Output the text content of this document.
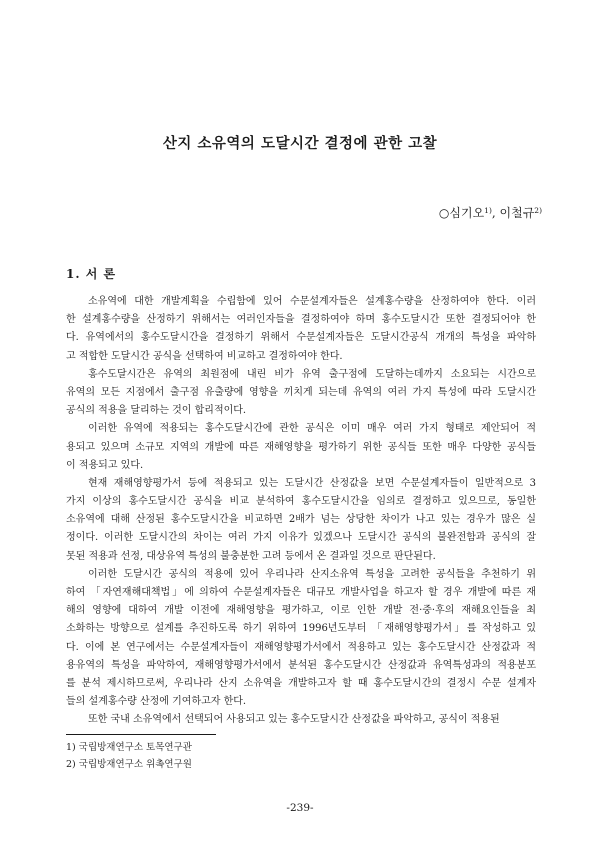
산지 소유역의 도달시간 결정에 관한 고찰
○심기오$^{1)}$, 이철규$^{2)}$
1. 서 론
소유역에 대한 개발계획을 수립함에 있어 수문설계자들은 설계홍수량을 산정하여야 한다. 이러
한 설계홍수량을 산정하기 위해서는 여러인자들을 결정하여야 하며 홍수도달시간 또한 결정되어야 한
다. 유역에서의 홍수도달시간을 결정하기 위해서 수문설계자들은 도달시간공식 개개의 특성을 파악하
고 적합한 도달시간 공식을 선택하여 비교하고 결정하여야 한다.
홍수도달시간은 유역의 최원점에 내린 비가 유역 출구점에 도달하는데까지 소요되는 시간으로
유역의 모든 지점에서 출구점 유출량에 영향을 끼치게 되는데 유역의 여러 가지 특성에 따라 도달시간
공식의 적용을 달리하는 것이 합리적이다.
이러한 유역에 적용되는 홍수도달시간에 관한 공식은 이미 매우 여러 가지 형태로 제안되어 적
용되고 있으며 소규모 지역의 개발에 따른 재해영향을 평가하기 위한 공식들 또한 매우 다양한 공식들
이 적용되고 있다.
현재 재해영향평가서 등에 적용되고 있는 도달시간 산정값을 보면 수문설계자들이 일반적으로 3
가지 이상의 홍수도달시간 공식을 비교 분석하여 홍수도달시간을 임의로 결정하고 있으므로, 동일한
소유역에 대해 산정된 홍수도달시간을 비교하면 2배가 넘는 상당한 차이가 나고 있는 경우가 많은 실
정이다. 이러한 도달시간의 차이는 여러 가지 이유가 있겠으나 도달시간 공식의 불완전함과 공식의 잘
못된 적용과 선정, 대상유역 특성의 불충분한 고려 등에서 온 결과일 것으로 판단된다.
이러한 도달시간 공식의 적용에 있어 우리나라 산지소유역 특성을 고려한 공식들을 추천하기 위
하여 「자연재해대책법」에 의하여 수문설계자들은 대규모 개발사업을 하고자 할 경우 개발에 따른 재
해의 영향에 대하여 개발 이전에 재해영향을 평가하고, 이로 인한 개발 전·중·후의 재해요인들을 최
소화하는 방향으로 설계를 추진하도록 하기 위하여 1996년도부터 「재해영향평가서」를 작성하고 있
다. 이에 본 연구에서는 수문설계자들이 재해영향평가서에서 적용하고 있는 홍수도달시간 산정값과 적
용유역의 특성을 파악하여, 재해영향평가서에서 분석된 홍수도달시간 산정값과 유역특성과의 적용분포
를 분석 제시하므로써, 우리나라 산지 소유역을 개발하고자 할 때 홍수도달시간의 결정시 수문 설계자
들의 설계홍수량 산정에 기여하고자 한다.
또한 국내 소유역에서 선택되어 사용되고 있는 홍수도달시간 산정값을 파악하고, 공식이 적용된
1) 국립방재연구소 토목연구관
2) 국립방재연구소 위촉연구원
-239-
